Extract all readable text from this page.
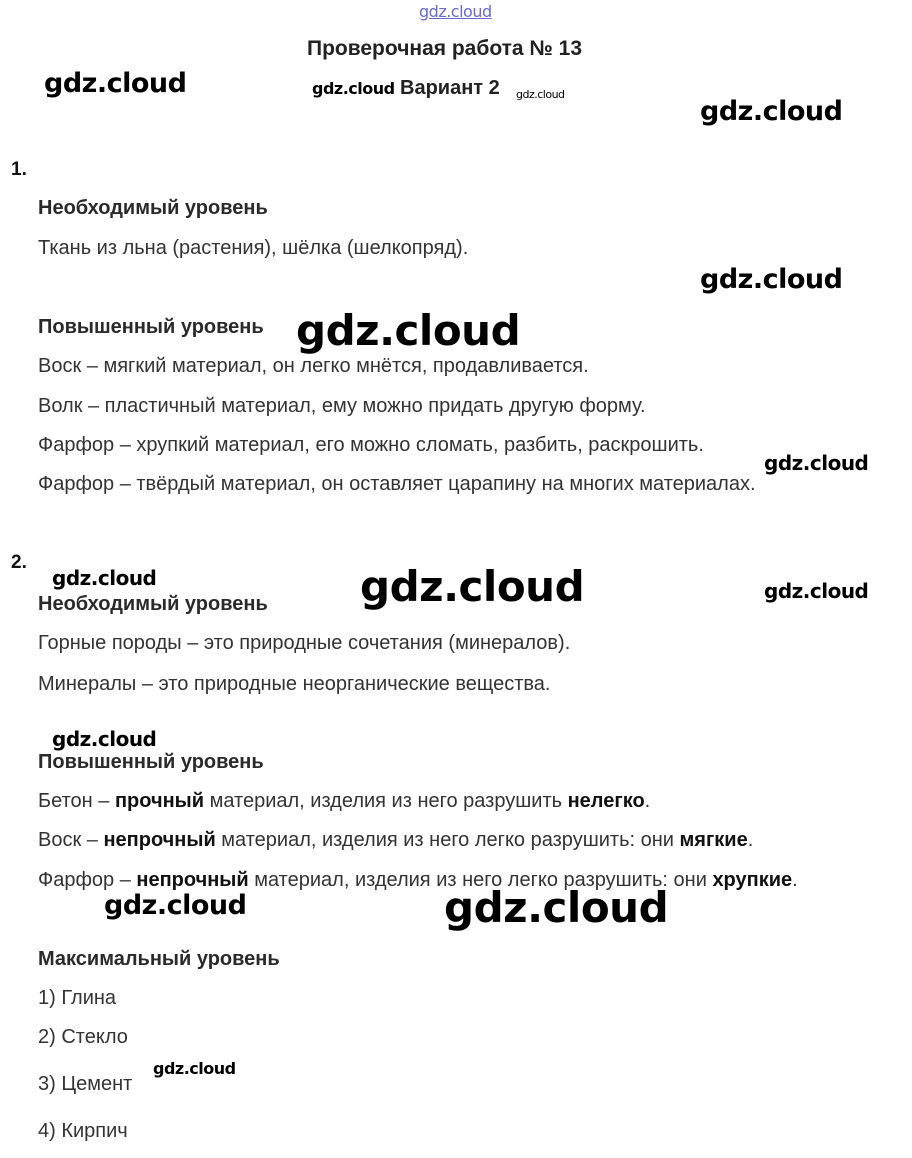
gdz.cloud
Проверочная работа № 13
gdz.cloud Вариант 2 gdz.cloud
gdz.cloud
gdz.cloud
1.
Необходимый уровень
Ткань из льна (растения), шёлка (шелкопряд).
gdz.cloud
Повышенный уровень gdz.cloud
Воск – мягкий материал, он легко мнётся, продавливается.
Волк – пластичный материал, ему можно придать другую форму.
Фарфор – хрупкий материал, его можно сломать, разбить, раскрошить.
gdz.cloud
Фарфор – твёрдый материал, он оставляет царапину на многих материалах.
2.
gdz.cloud	gdz.cloud	gdz.cloud
Необходимый уровень
Горные породы – это природные сочетания (минералов).
Минералы – это природные неорганические вещества.
gdz.cloud
Повышенный уровень
Бетон – прочный материал, изделия из него разрушить нелегко.
Воск – непрочный материал, изделия из него легко разрушить: они мягкие.
Фарфор – непрочный материал, изделия из него легко разрушить: они хрупкие.
gdz.cloud	gdz.cloud
Максимальный уровень
1) Глина
2) Стекло
gdz.cloud
3) Цемент
4) Кирпич
